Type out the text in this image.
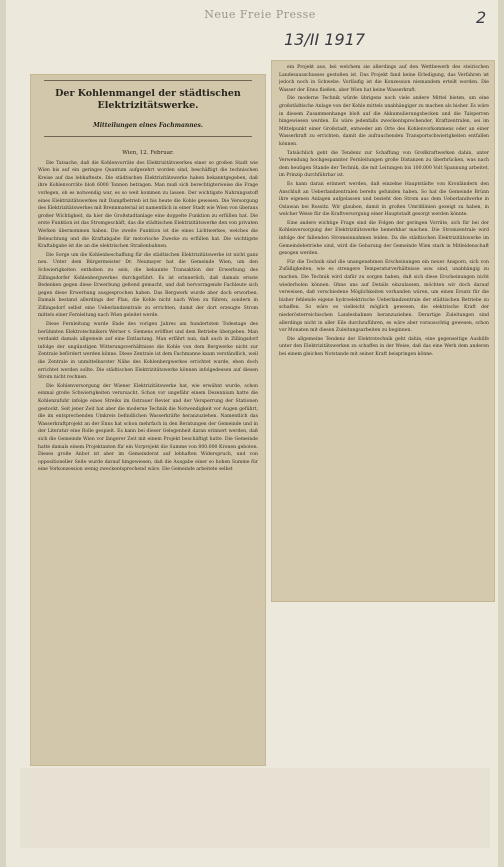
Neue Freie Presse
13/II 1917
2
Der Kohlenmangel der städtischen Elektrizitätswerke.
Mitteilungen eines Fachmannes.
Wien, 12. Februar.

Die Tatsache, daß die Kohlenvorräte des Elektrizitätswerkes einer so großen Stadt wie Wien bis auf ein geringes Quantum aufgezehrt worden sind, beschäftigt die technischen Kreise auf das lebhafteste. Die städtischen Elektrizitätswerke haben bekanntgegeben, daß ihre Kohlenvorräte bloß 6000 Tonnen betragen. Man muß sich berechtigterweise die Frage vorlegen, ob es notwendig war, es so weit kommen zu lassen. Der wichtigste Nahrungsstoff eines Elektrizitätswerkes mit Dampfbetrieb ist bis heute die Kohle gewesen. Die Versorgung des Elektrizitätswerkes mit Brennmaterial ist namentlich in einer Stadt wie Wien von überaus großer Wichtigkeit, da hier die Großstadtanlage eine doppelte Funktion zu erfüllen hat. Die erste Funktion ist das Stromgeschäft, das die städtischen Elektrizitätswerke den von privaten Werken übernommen haben. Die zweite Funktion ist die eines Lichtwerkes, welches die Beleuchtung und die Kraftabgabe für motorische Zwecke zu erfüllen hat. Die wichtigste Kraftabgabe ist die an die elektrischen Straßenbahnen.

Die Sorge um die Kohlenbeschaffung für die städtischen Elektrizitätswerke ist nicht ganz neu. Unter dem Bürgermeister Dr. Neumayer hat die Gemeinde Wien, um den Schwierigkeiten enthoben zu sein, die bekannte Transaktion der Erwerbung des Zillingsdorfer Kohlenbergwerkes durchgeführt. Es ist erinnerlich, daß damals ernste Bedenken gegen diese Erwerbung geltend gemacht, und daß hervorragende Fachleute sich gegen diese Erwerbung ausgesprochen haben. Das Bergwerk wurde aber doch erworben. Damals bestand allerdings der Plan, die Kohle nicht nach Wien zu führen, sondern in Zillingsdorf selbst eine Ueberlandzentrale zu errichten, damit der dort erzeugte Strom mittels einer Fernleitung nach Wien geleitet werde.

Diese Fernleitung wurde Ende des vorigen Jahres am hundertsten Todestage des berühmten Elektrotechnikers Werner v. Siemens eröffnet und dem Betriebe übergeben. Man verdankt damals allgemein auf eine Entlastung. Man erfährt nun, daß auch in Zillingsdorf infolge der ungünstigen Witterungsverhältnisse die Kohle von dem Bergwerke nicht zur Zentrale befördert werden könne. Diese Zentrale ist dem Fachmanne kaum verständlich, weil die Zentrale in unmittelbarster Nähe des Kohlenbergwerkes errichtet wurde, eben doch errichtet werden sollte. Die städtischen Elektrizitätswerke können infolgedessen auf diesen Strom nicht rechnen.

Die Kohlenversorgung der Wiener Elektrizitätswerke hat, wie erwähnt wurde, schon einmal große Schwierigkeiten verursacht. Schon vor ungefähr einem Dezennium hatte die Kohlenzufuhr infolge eines Streiks im Ostrauer Revier und der Versperrung der Stationen gestockt. Seit jener Zeit hat aber die moderne Technik die Notwendigkeit vor Augen geführt, die im entsprechenden Umkreis befindlichen Wasserkräfte heranzuziehen. Namentlich das Wasserkraftprojekt an der Enns hat schon mehrfach in den Beratungen der Gemeinde und in der Literatur eine Rolle gespielt. Es kann bei dieser Gelegenheit daran erinnert werden, daß sich die Gemeinde Wien vor längerer Zeit mit einem Projekt beschäftigt hatte. Die Gemeinde hatte damals einem Projektanten für ein Vorprojekt die Summe von 800.000 Kronen geboten. Dieses große Anbot ist aber im Gemeinderat auf lebhaften Widerspruch, und von oppositioneller Seite wurde darauf hingewiesen, daß die Ausgabe einer so hohen Summe für eine Vorkonzession wenig zweckentsprechend wäre. Die Gemeinde arbeitete selbst

ein Projekt aus, bei welchem sie allerdings auf den Wettbewerb des steirischen Landesausschusses gestoßen ist. Das Projekt fand keine Erledigung, das Verfahren ist jedoch noch in Schwebe. Vorläufig ist die Konzession niemandem erteilt worden. Die Wasser der Enns fließen, aber Wien hat keine Wasserkraft.

Die moderne Technik würde übrigens noch viele andere Mittel bieten, um eine großstädtische Anlage von der Kohle mittels unabhängiger zu machen als bisher. Es wäre in diesem Zusammenhange bloß auf die Akkumulierungsbecken und die Talsperren hingewiesen werden. Es wäre jedenfalls zweckentsprechender, Kraftzentralen, sei im Mittelpunkt einer Großstadt, entweder am Orte des Kohlenvorkommens oder an einer Wasserkraft zu errichten, damit die aufrauchenden Transportschwierigkeiten entfallen können.

Tatsächlich geht die Tendenz zur Schaffung von Großkraftwerken dahin, unter Verwendung hochgespannter Fernleitungen große Distanzen zu überbrücken, was nach dem heutigen Stande der Technik, die mit Leitungen bis 100.000 Volt Spannung arbeitet, im Prinzip durchführbar ist.

Es kann daran erinnert werden, daß einzelne Hauptstädte von Kronländern den Anschluß an Ueberlandzentralen bereits gefunden haben. So hat die Gemeinde Brünn ihre eigenen Anlagen aufgelassen und bezieht den Strom aus dem Ueberlandwerke in Oslawan bei Rossitz. Wir glauben, damit in großen Umrißlinien gezeigt zu haben, in welcher Weise für die Kraftversorgung einer Hauptstadt gesorgt werden könnte.

Eine andere wichtige Frage sind die Folgen der geringen Vorräte, sich für bei der Kohlenversorgung der Elektrizitätswerke bemerkbar machen. Die Stromzentrale wird infolge der fallenden Stromeinnahmen leiden. Da die städtischen Elektrizitätswerke im Gemeindebetriebe sind, wird die Gebarung der Gemeinde Wien stark in Mitleidenschaft gezogen werden.

Für die Technik sind die unangenehmen Erscheinungen ein neuer Ansporn, sich von Zufälligkeiten, wie es strengere Temperaturverhältnisse usw. sind, unabhängig zu machen. Die Technik wird dafür zu sorgen haben, daß sich diese Erscheinungen nicht wiederholen können. Ohne uns auf Details einzulassen, möchten wir doch darauf verweisen, daß verschiedene Möglichkeiten vorhanden wären, um einen Ersatz für die bisher fehlende eigene hydroelektrische Ueberlandzentrale der städtischen Betriebe zu schaffen. So wäre es vielleicht möglich gewesen, die elektrische Kraft der niederösterreichischen Landesbahnen heranzuziehen. Derartige Zuleitungen sind allerdings nicht in aller Eile durchzuführen, es wäre aber vorausschtig gewesen, schon vor Monaten mit diesen Zuleitungsarbeiten zu beginnen.

Die allgemeine Tendenz der Elektrotechnik geht dahin, eine gegenseitige Aushilfe unter den Elektrizitätswerken zu schaffen in der Weise, daß das eine Werk dem anderen bei einem gleichen Notstande mit seiner Kraft beispringen könne.
